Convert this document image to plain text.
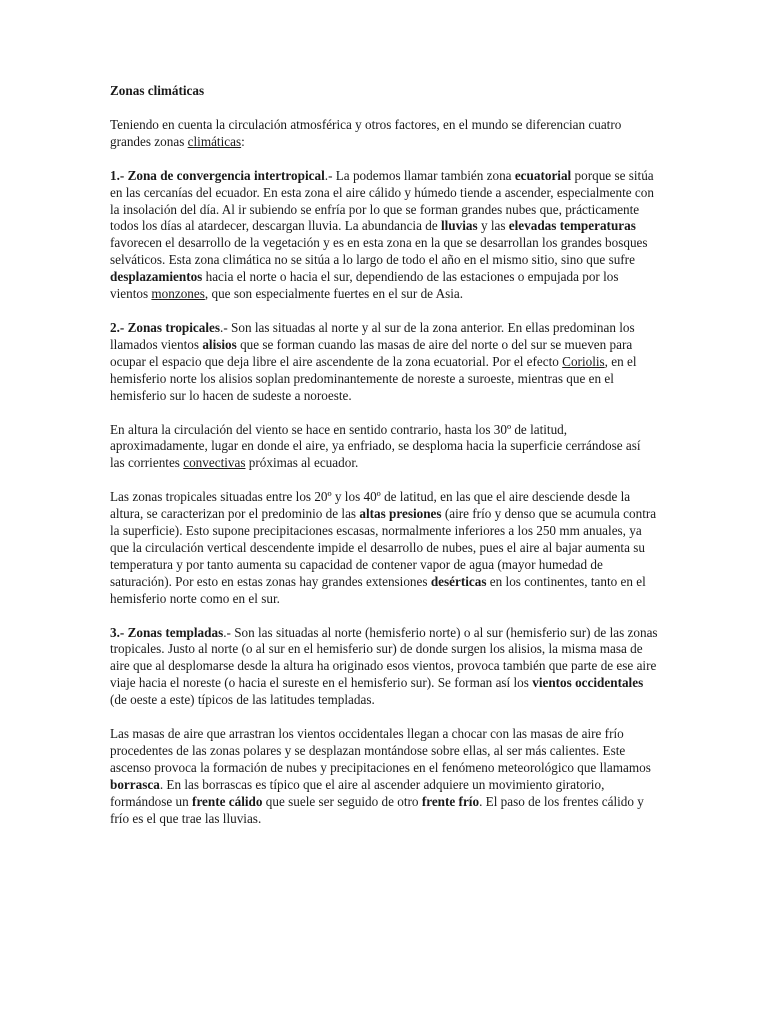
Zonas climáticas

Teniendo en cuenta la circulación atmosférica y otros factores, en el mundo se diferencian cuatro grandes zonas climáticas:

1.- Zona de convergencia intertropical.- La podemos llamar también zona ecuatorial porque se sitúa en las cercanías del ecuador. En esta zona el aire cálido y húmedo tiende a ascender, especialmente con la insolación del día. Al ir subiendo se enfría por lo que se forman grandes nubes que, prácticamente todos los días al atardecer, descargan lluvia. La abundancia de lluvias y las elevadas temperaturas favorecen el desarrollo de la vegetación y es en esta zona en la que se desarrollan los grandes bosques selváticos. Esta zona climática no se sitúa a lo largo de todo el año en el mismo sitio, sino que sufre desplazamientos hacia el norte o hacia el sur, dependiendo de las estaciones o empujada por los vientos monzones, que son especialmente fuertes en el sur de Asia.

2.- Zonas tropicales.- Son las situadas al norte y al sur de la zona anterior. En ellas predominan los llamados vientos alisios que se forman cuando las masas de aire del norte o del sur se mueven para ocupar el espacio que deja libre el aire ascendente de la zona ecuatorial. Por el efecto Coriolis, en el hemisferio norte los alisios soplan predominantemente de noreste a suroeste, mientras que en el hemisferio sur lo hacen de sudeste a noroeste.

En altura la circulación del viento se hace en sentido contrario, hasta los 30º de latitud, aproximadamente, lugar en donde el aire, ya enfriado, se desploma hacia la superficie cerrándose así las corrientes convectivas próximas al ecuador.

Las zonas tropicales situadas entre los 20º y los 40º de latitud, en las que el aire desciende desde la altura, se caracterizan por el predominio de las altas presiones (aire frío y denso que se acumula contra la superficie). Esto supone precipitaciones escasas, normalmente inferiores a los 250 mm anuales, ya que la circulación vertical descendente impide el desarrollo de nubes, pues el aire al bajar aumenta su temperatura y por tanto aumenta su capacidad de contener vapor de agua (mayor humedad de saturación). Por esto en estas zonas hay grandes extensiones desérticas en los continentes, tanto en el hemisferio norte como en el sur.

3.- Zonas templadas.- Son las situadas al norte (hemisferio norte) o al sur (hemisferio sur) de las zonas tropicales. Justo al norte (o al sur en el hemisferio sur) de donde surgen los alisios, la misma masa de aire que al desplomarse desde la altura ha originado esos vientos, provoca también que parte de ese aire viaje hacia el noreste (o hacia el sureste en el hemisferio sur). Se forman así los vientos occidentales (de oeste a este) típicos de las latitudes templadas.

Las masas de aire que arrastran los vientos occidentales llegan a chocar con las masas de aire frío procedentes de las zonas polares y se desplazan montándose sobre ellas, al ser más calientes. Este ascenso provoca la formación de nubes y precipitaciones en el fenómeno meteorológico que llamamos borrasca. En las borrascas es típico que el aire al ascender adquiere un movimiento giratorio, formándose un frente cálido que suele ser seguido de otro frente frío. El paso de los frentes cálido y frío es el que trae las lluvias.
